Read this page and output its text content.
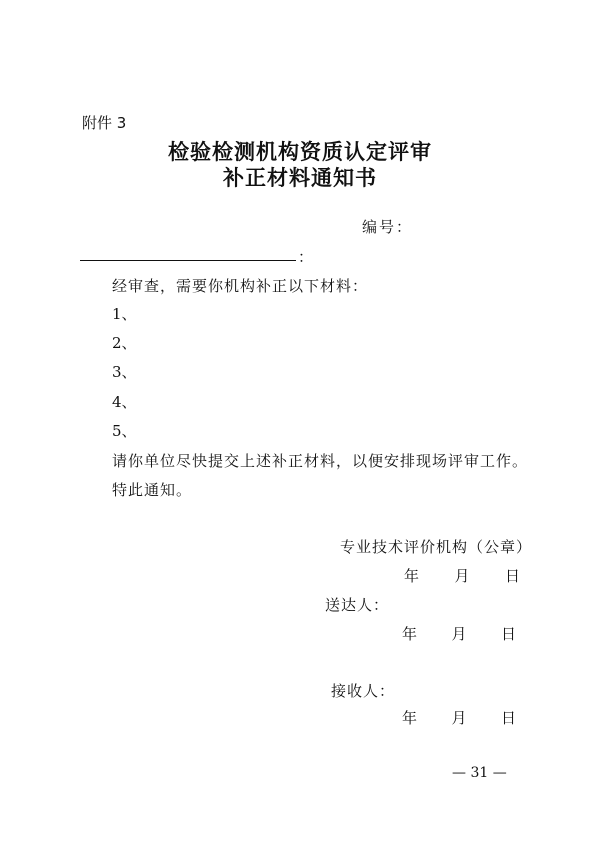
附件 3
检验检测机构资质认定评审
补正材料通知书
编号：
：
经审查，需要你机构补正以下材料：
1、
2、
3、
4、
5、
请你单位尽快提交上述补正材料，以便安排现场评审工作。
特此通知。
专业技术评价机构（公章）
年 月 日
送达人：
年 月 日
接收人：
年 月 日
— 31 —
